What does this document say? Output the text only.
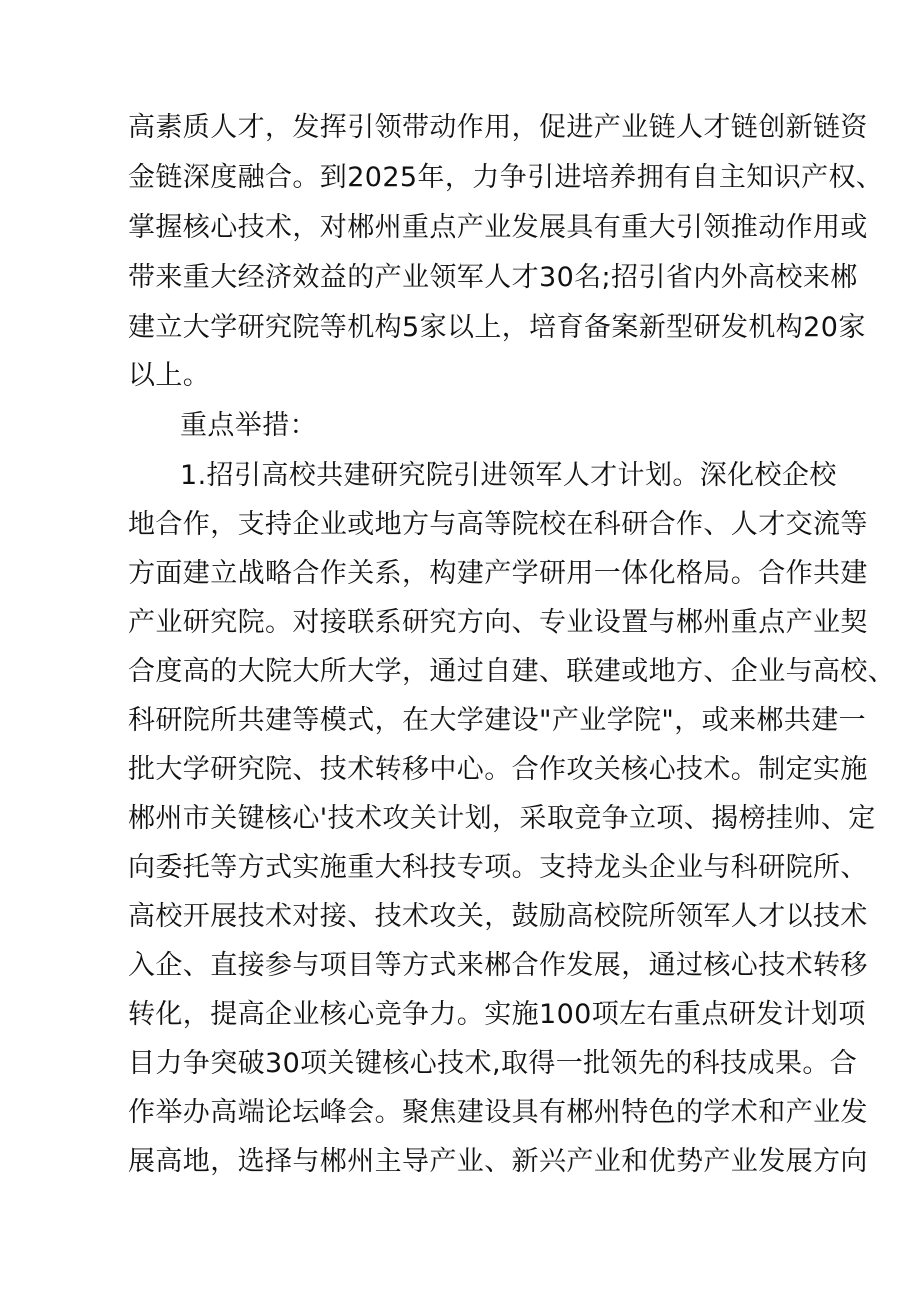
高素质人才，发挥引领带动作用，促进产业链人才链创新链资

金链深度融合。到2025年，力争引进培养拥有自主知识产权、

掌握核心技术，对郴州重点产业发展具有重大引领推动作用或

带来重大经济效益的产业领军人才30名;招引省内外高校来郴

建立大学研究院等机构5家以上，培育备案新型研发机构20家

以上。

重点举措：

1.招引高校共建研究院引进领军人才计划。深化校企校

地合作，支持企业或地方与高等院校在科研合作、人才交流等

方面建立战略合作关系，构建产学研用一体化格局。合作共建

产业研究院。对接联系研究方向、专业设置与郴州重点产业契

合度高的大院大所大学，通过自建、联建或地方、企业与高校、

科研院所共建等模式，在大学建设"产业学院"，或来郴共建一

批大学研究院、技术转移中心。合作攻关核心技术。制定实施

郴州市关键核心'技术攻关计划，采取竞争立项、揭榜挂帅、定

向委托等方式实施重大科技专项。支持龙头企业与科研院所、

高校开展技术对接、技术攻关，鼓励高校院所领军人才以技术

入企、直接参与项目等方式来郴合作发展，通过核心技术转移

转化，提高企业核心竞争力。实施100项左右重点研发计划项

目力争突破30项关键核心技术,取得一批领先的科技成果。合

作举办高端论坛峰会。聚焦建设具有郴州特色的学术和产业发

展高地，选择与郴州主导产业、新兴产业和优势产业发展方向
